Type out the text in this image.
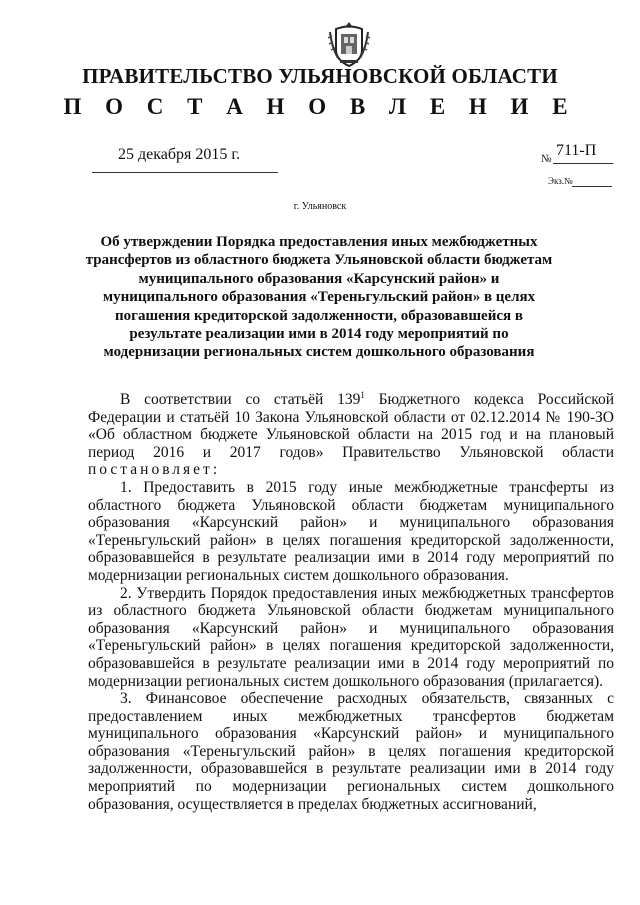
ПРАВИТЕЛЬСТВО УЛЬЯНОВСКОЙ ОБЛАСТИ
П О С Т А Н О В Л Е Н И Е
25 декабря 2015 г.	№ 711-П
Экз.№
г. Ульяновск
Об утверждении Порядка предоставления иных межбюджетных трансфертов из областного бюджета Ульяновской области бюджетам муниципального образования «Карсунский район» и муниципального образования «Тереньгульский район» в целях погашения кредиторской задолженности, образовавшейся в результате реализации ими в 2014 году мероприятий по модернизации региональных систем дошкольного образования

В соответствии со статьёй $139^1$ Бюджетного кодекса Российской Федерации и статьёй 10 Закона Ульяновской области от 02.12.2014 № 190-ЗО «Об областном бюджете Ульяновской области на 2015 год и на плановый период 2016 и 2017 годов» Правительство Ульяновской области постановляет:

1. Предоставить в 2015 году иные межбюджетные трансферты из областного бюджета Ульяновской области бюджетам муниципального образования «Карсунский район» и муниципального образования «Тереньгульский район» в целях погашения кредиторской задолженности, образовавшейся в результате реализации ими в 2014 году мероприятий по модернизации региональных систем дошкольного образования.

2. Утвердить Порядок предоставления иных межбюджетных трансфертов из областного бюджета Ульяновской области бюджетам муниципального образования «Карсунский район» и муниципального образования «Тереньгульский район» в целях погашения кредиторской задолженности, образовавшейся в результате реализации ими в 2014 году мероприятий по модернизации региональных систем дошкольного образования (прилагается).

3. Финансовое обеспечение расходных обязательств, связанных с предоставлением иных межбюджетных трансфертов бюджетам муниципального образования «Карсунский район» и муниципального образования «Тереньгульский район» в целях погашения кредиторской задолженности, образовавшейся в результате реализации ими в 2014 году мероприятий по модернизации региональных систем дошкольного образования, осуществляется в пределах бюджетных ассигнований,
